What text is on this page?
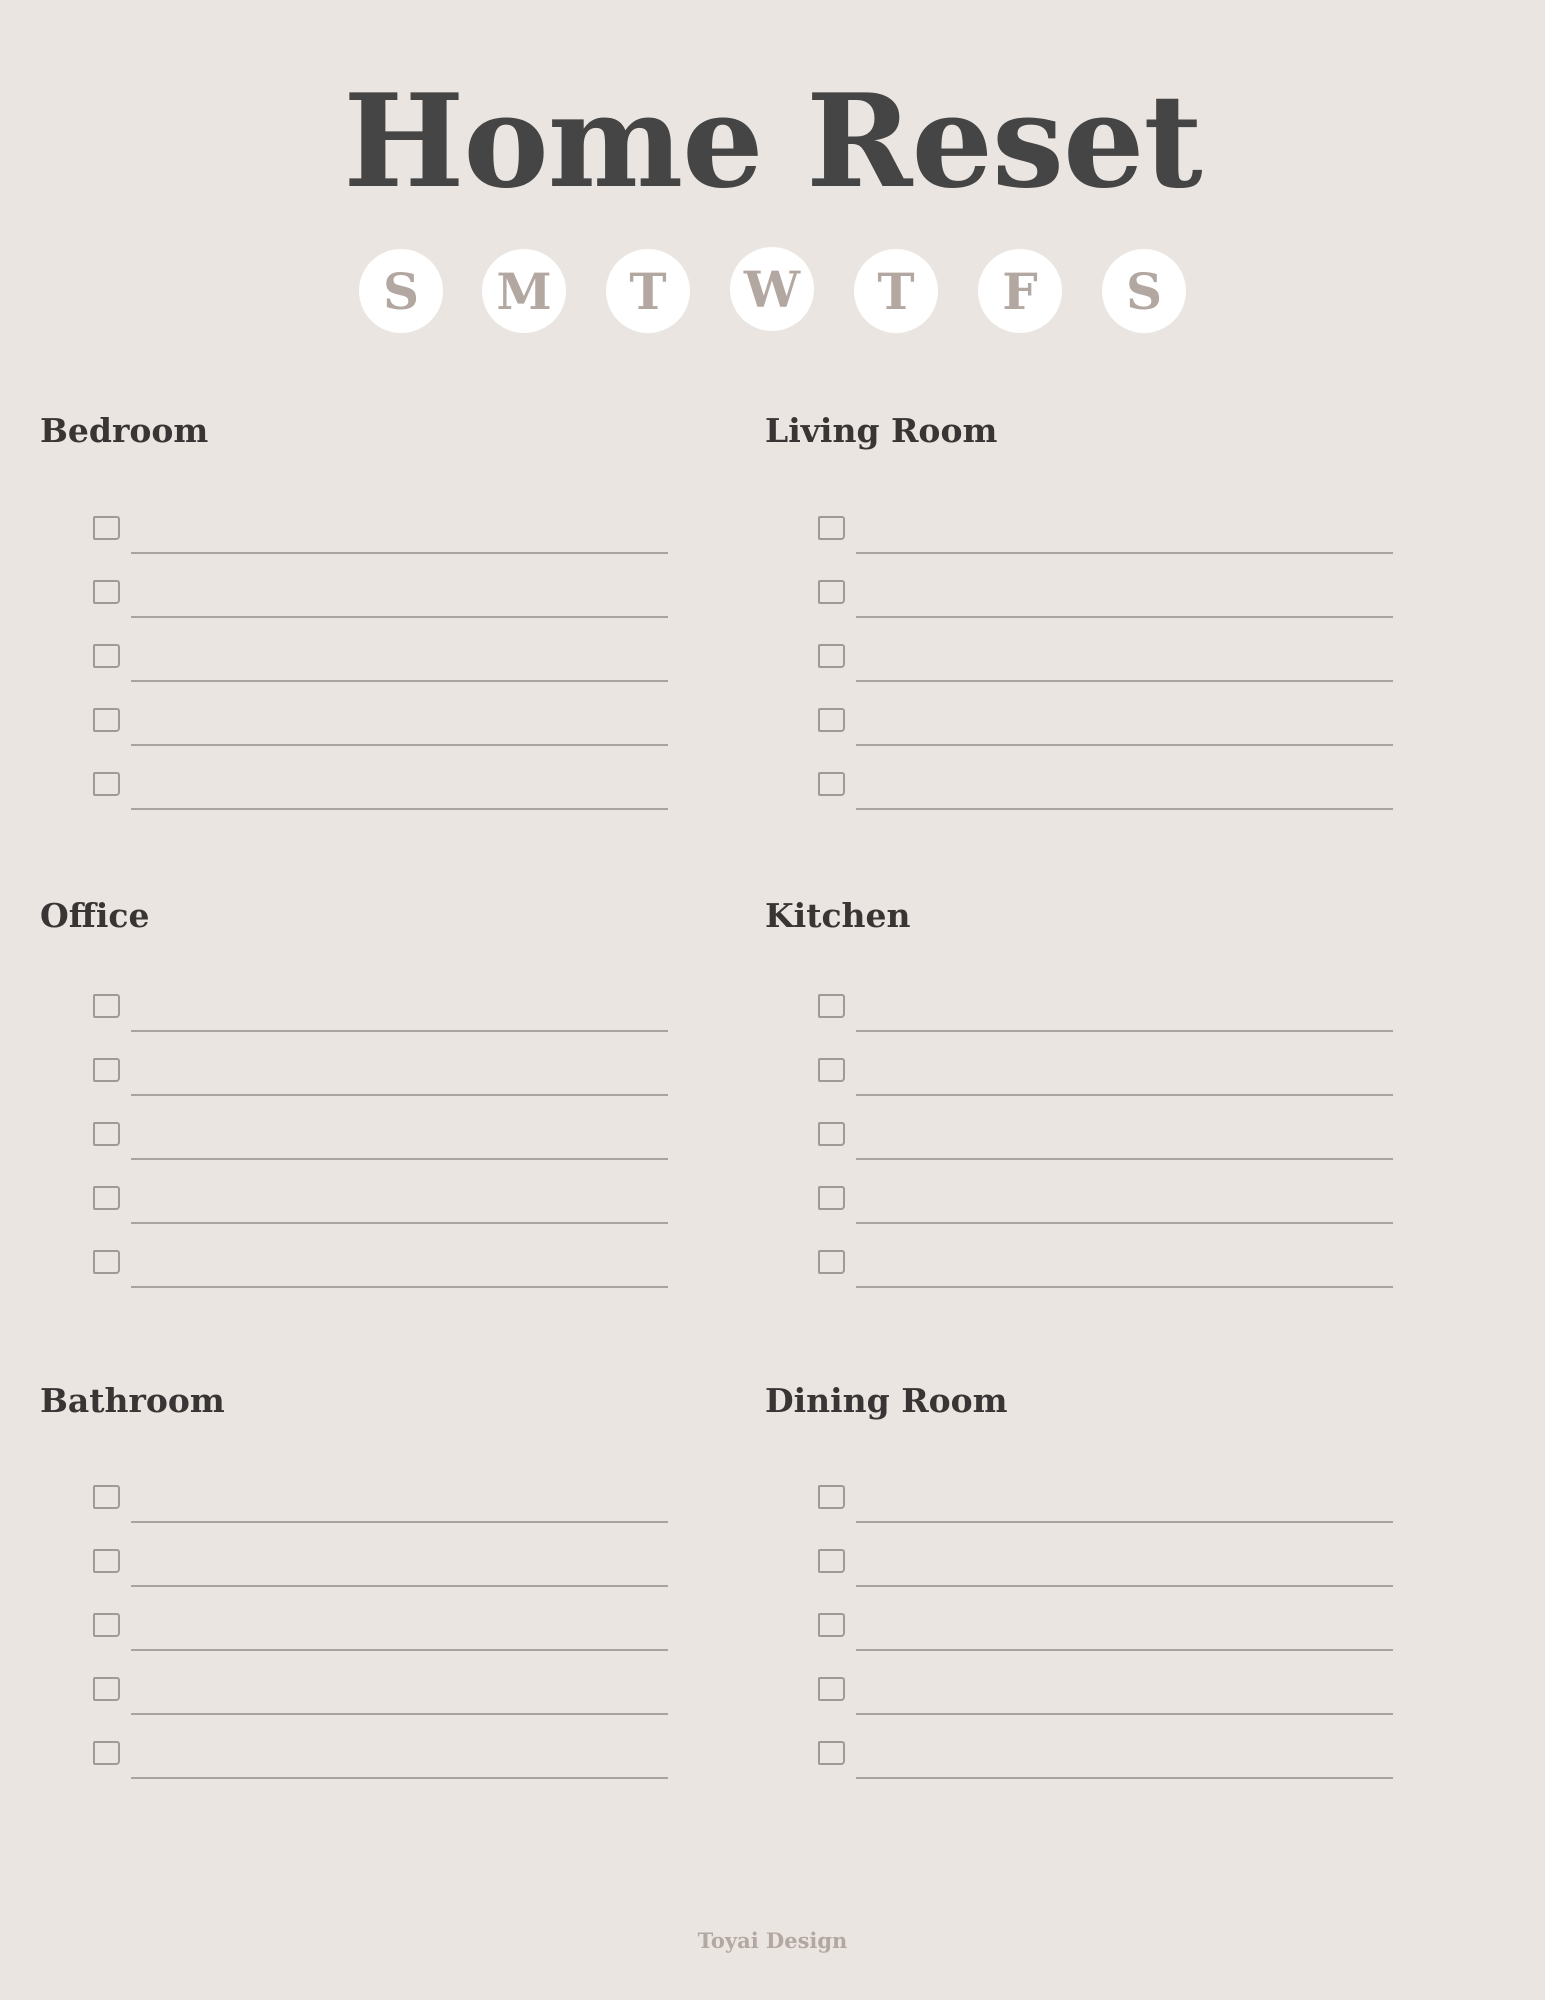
Home Reset
S	M	T	W	T	F	S
Bedroom	Living Room
Office	Kitchen
Bathroom	Dining Room
Toyai Design
